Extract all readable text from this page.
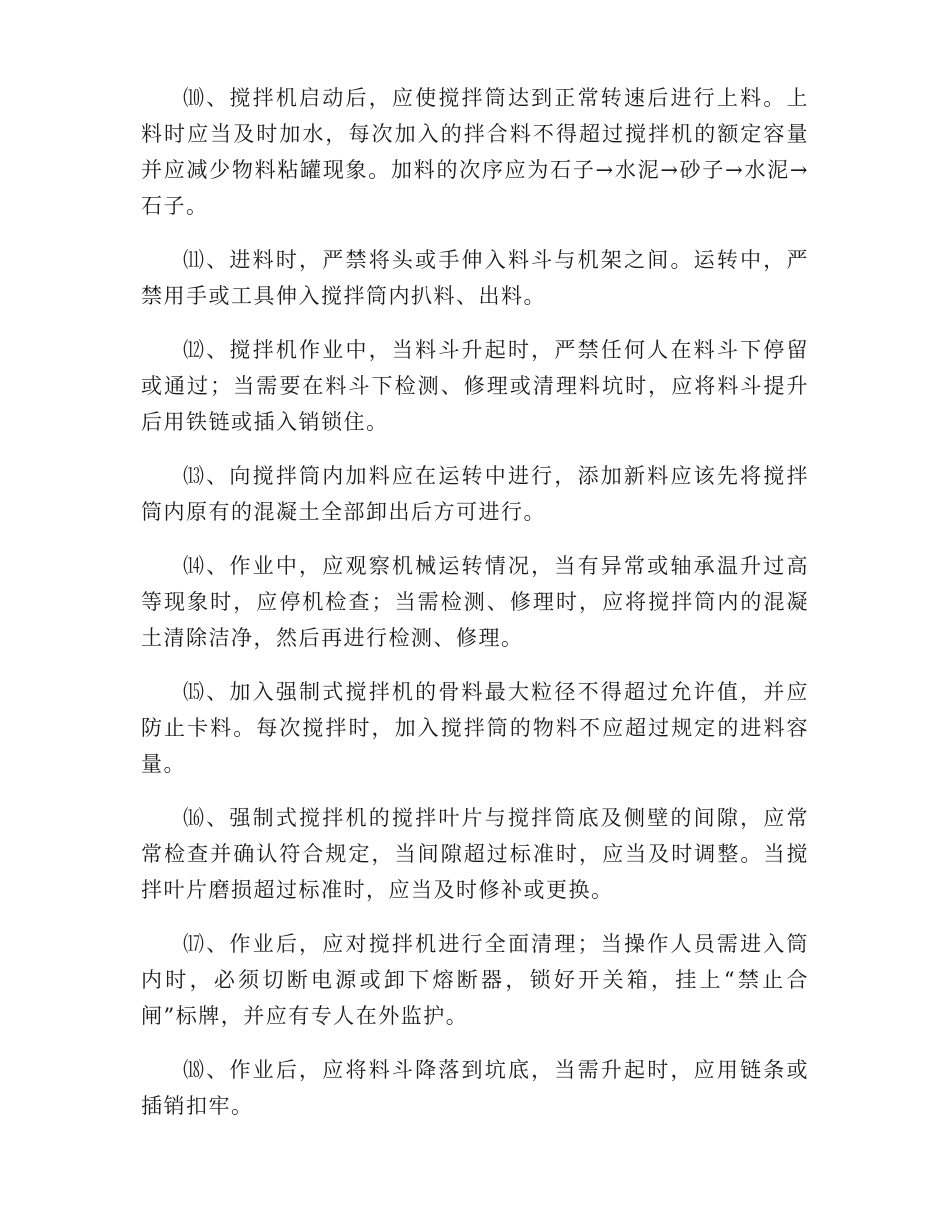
⑽、搅拌机启动后，应使搅拌筒达到正常转速后进行上料。上料时应当及时加水，每次加入的拌合料不得超过搅拌机的额定容量并应减少物料粘罐现象。加料的次序应为石子→水泥→砂子→水泥→石子。

⑾、进料时，严禁将头或手伸入料斗与机架之间。运转中，严禁用手或工具伸入搅拌筒内扒料、出料。

⑿、搅拌机作业中，当料斗升起时，严禁任何人在料斗下停留或通过；当需要在料斗下检测、修理或清理料坑时，应将料斗提升后用铁链或插入销锁住。

⒀、向搅拌筒内加料应在运转中进行，添加新料应该先将搅拌筒内原有的混凝土全部卸出后方可进行。

⒁、作业中，应观察机械运转情况，当有异常或轴承温升过高等现象时，应停机检查；当需检测、修理时，应将搅拌筒内的混凝土清除洁净，然后再进行检测、修理。

⒂、加入强制式搅拌机的骨料最大粒径不得超过允许值，并应防止卡料。每次搅拌时，加入搅拌筒的物料不应超过规定的进料容量。

⒃、强制式搅拌机的搅拌叶片与搅拌筒底及侧壁的间隙，应常常检查并确认符合规定，当间隙超过标准时，应当及时调整。当搅拌叶片磨损超过标准时，应当及时修补或更换。

⒄、作业后，应对搅拌机进行全面清理；当操作人员需进入筒内时，必须切断电源或卸下熔断器，锁好开关箱，挂上“禁止合闸”标牌，并应有专人在外监护。

⒅、作业后，应将料斗降落到坑底，当需升起时，应用链条或插销扣牢。
